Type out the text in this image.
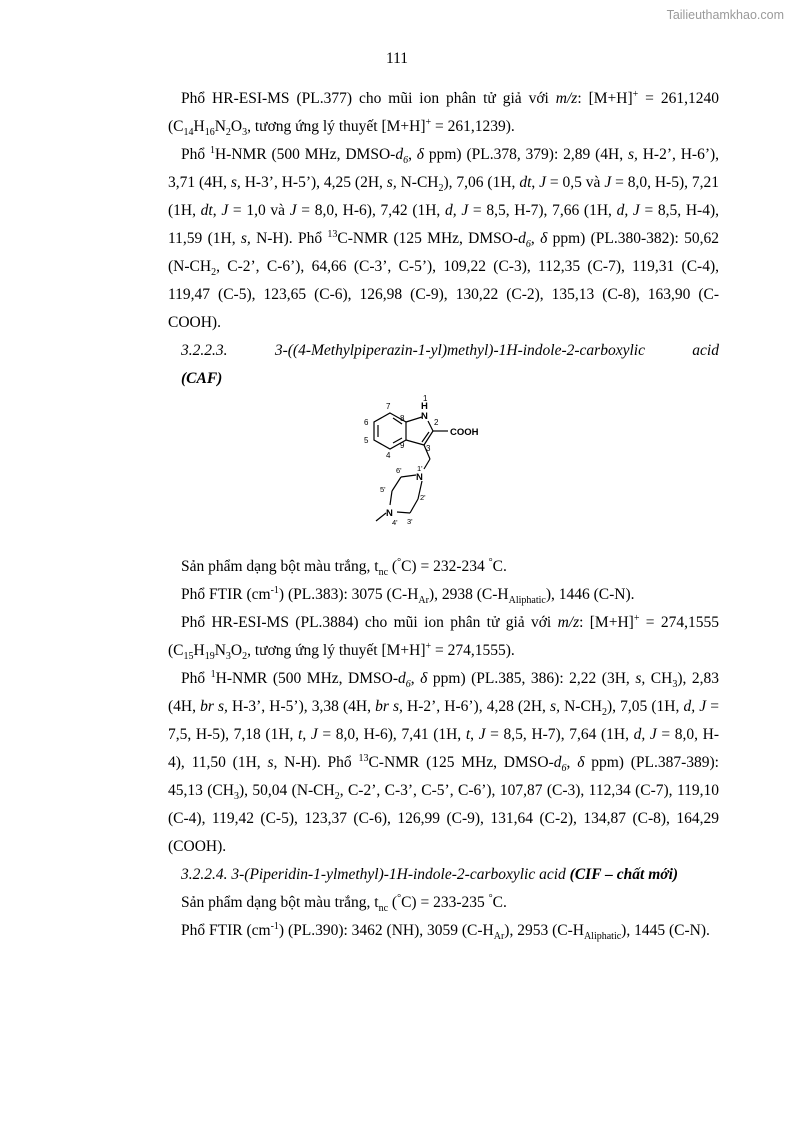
Tailieuthamkhao.com
111

Phổ HR-ESI-MS (PL.377) cho mũi ion phân tử giả với m/z: [M+H]+ = 261,1240 ($C_{14}H_{16}N_2O_3$, tương ứng lý thuyết [M+H]+ = 261,1239).

Phổ $^1$H-NMR (500 MHz, DMSO-$d_6$, δ ppm) (PL.378, 379): 2,89 (4H, s, H-2’, H-6’), 3,71 (4H, s, H-3’, H-5’), 4,25 (2H, s, $N-CH_2$), 7,06 (1H, dt, J = 0,5 và J = 8,0, H-5), 7,21 (1H, dt, J = 1,0 và J = 8,0, H-6), 7,42 (1H, d, J = 8,5, H-7), 7,66 (1H, d, J = 8,5, H-4), 11,59 (1H, s, N-H). Phổ $^{13}$C-NMR (125 MHz, DMSO-$d_6$, δ ppm) (PL.380-382): 50,62 ($N-CH_2$, C-2’, C-6’), 64,66 (C-3’, C-5’), 109,22 (C-3), 112,35 (C-7), 119,31 (C-4), 119,47 (C-5), 123,65 (C-6), 126,98 (C-9), 130,22 (C-2), 135,13 (C-8), 163,90 (C-COOH).

3.2.2.3. 3-((4-Methylpiperazin-1-yl)methyl)-1H-indole-2-carboxylic acid

(CAF)

1
H
N
2
COOH
3
4
5
6
7
8
9
N
1'
6'
5'
2'
N
4' 3'

Sản phẩm dạng bột màu trắng, $t_{nc}$ (°C) = 232-234 °C.

Phổ FTIR $(cm^{-1})$ (PL.383): 3075 $(C-H_{Ar})$, 2938 $(C-H_{Aliphatic})$, 1446 (C-N).

Phổ HR-ESI-MS (PL.3884) cho mũi ion phân tử giả với m/z: [M+H]+ = 274,1555 ($C_{15}H_{19}N_3O_2$, tương ứng lý thuyết [M+H]+ = 274,1555).

Phổ $^1$H-NMR (500 MHz, DMSO-$d_6$, δ ppm) (PL.385, 386): 2,22 (3H, s, $CH_3$), 2,83 (4H, br s, H-3’, H-5’), 3,38 (4H, br s, H-2’, H-6’), 4,28 (2H, s, $N-CH_2$), 7,05 (1H, d, J = 7,5, H-5), 7,18 (1H, t, J = 8,0, H-6), 7,41 (1H, t, J = 8,5, H-7), 7,64 (1H, d, J = 8,0, H-4), 11,50 (1H, s, N-H). Phổ $^{13}$C-NMR (125 MHz, DMSO-$d_6$, δ ppm) (PL.387-389): 45,13 $(CH_3)$, 50,04 ($N-CH_2$, C-2’, C-3’, C-5’, C-6’), 107,87 (C-3), 112,34 (C-7), 119,10 (C-4), 119,42 (C-5), 123,37 (C-6), 126,99 (C-9), 131,64 (C-2), 134,87 (C-8), 164,29 (COOH).

3.2.2.4. 3-(Piperidin-1-ylmethyl)-1H-indole-2-carboxylic acid (CIF – chất mới)

Sản phẩm dạng bột màu trắng, $t_{nc}$ (°C) = 233-235 °C.

Phổ FTIR $(cm^{-1})$ (PL.390): 3462 (NH), 3059 $(C-H_{Ar})$, 2953 $(C-H_{Aliphatic})$, 1445 (C-N).
